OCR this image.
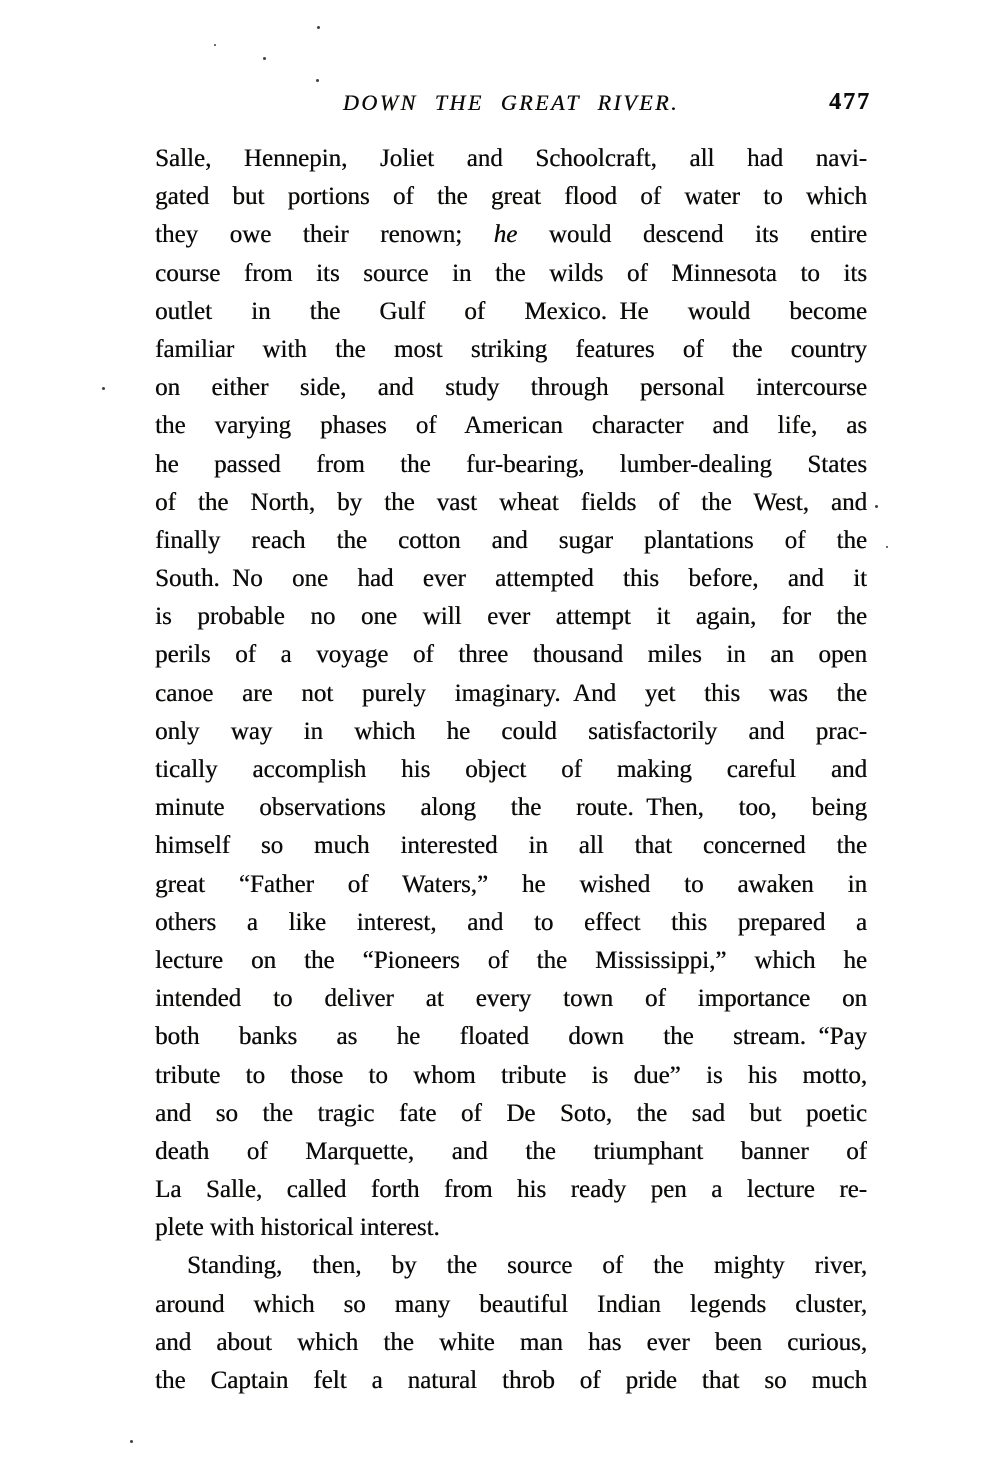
DOWN THE GREAT RIVER.	477
Salle, Hennepin, Joliet and Schoolcraft, all had navi-
gated but portions of the great flood of water to which
they owe their renown; he would descend its entire
course from its source in the wilds of Minnesota to its
outlet in the Gulf of Mexico. He would become
familiar with the most striking features of the country
on either side, and study through personal intercourse
the varying phases of American character and life, as
he passed from the fur-bearing, lumber-dealing States
of the North, by the vast wheat fields of the West, and
finally reach the cotton and sugar plantations of the
South. No one had ever attempted this before, and it
is probable no one will ever attempt it again, for the
perils of a voyage of three thousand miles in an open
canoe are not purely imaginary. And yet this was the
only way in which he could satisfactorily and prac-
tically accomplish his object of making careful and
minute observations along the route. Then, too, being
himself so much interested in all that concerned the
great “Father of Waters,” he wished to awaken in
others a like interest, and to effect this prepared a
lecture on the “Pioneers of the Mississippi,” which he
intended to deliver at every town of importance on
both banks as he floated down the stream. “Pay
tribute to those to whom tribute is due” is his motto,
and so the tragic fate of De Soto, the sad but poetic
death of Marquette, and the triumphant banner of
La Salle, called forth from his ready pen a lecture re-
plete with historical interest.
Standing, then, by the source of the mighty river,
around which so many beautiful Indian legends cluster,
and about which the white man has ever been curious,
the Captain felt a natural throb of pride that so much
